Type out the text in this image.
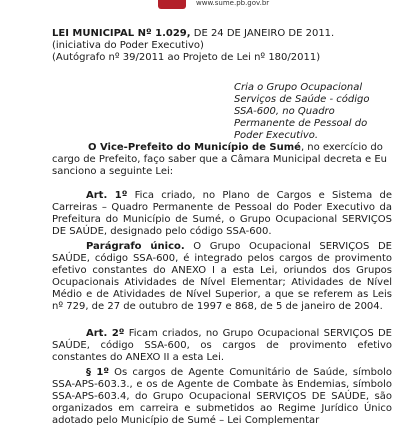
www.sume.pb.gov.br
LEI MUNICIPAL Nº 1.029, DE 24 DE JANEIRO DE 2011.
(iniciativa do Poder Executivo)
(Autógrafo nº 39/2011 ao Projeto de Lei nº 180/2011)
Cria o Grupo Ocupacional Serviços de Saúde - código SSA-600, no Quadro Permanente de Pessoal do Poder Executivo.
O Vice-Prefeito do Município de Sumé, no exercício do cargo de Prefeito, faço saber que a Câmara Municipal decreta e Eu sanciono a seguinte Lei:
Art. 1º Fica criado, no Plano de Cargos e Sistema de Carreiras – Quadro Permanente de Pessoal do Poder Executivo da Prefeitura do Município de Sumé, o Grupo Ocupacional SERVIÇOS DE SAÚDE, designado pelo código SSA-600.
Parágrafo único. O Grupo Ocupacional SERVIÇOS DE SAÚDE, código SSA-600, é integrado pelos cargos de provimento efetivo constantes do ANEXO I a esta Lei, oriundos dos Grupos Ocupacionais Atividades de Nível Elementar; Atividades de Nível Médio e de Atividades de Nível Superior, a que se referem as Leis nº 729, de 27 de outubro de 1997 e 868, de 5 de janeiro de 2004.
Art. 2º Ficam criados, no Grupo Ocupacional SERVIÇOS DE SAÚDE, código SSA-600, os cargos de provimento efetivo constantes do ANEXO II a esta Lei.
§ 1º Os cargos de Agente Comunitário de Saúde, símbolo SSA-APS-603.3., e os de Agente de Combate às Endemias, símbolo SSA-APS-603.4, do Grupo Ocupacional SERVIÇOS DE SAÚDE, são organizados em carreira e submetidos ao Regime Jurídico Único adotado pelo Município de Sumé – Lei Complementar
